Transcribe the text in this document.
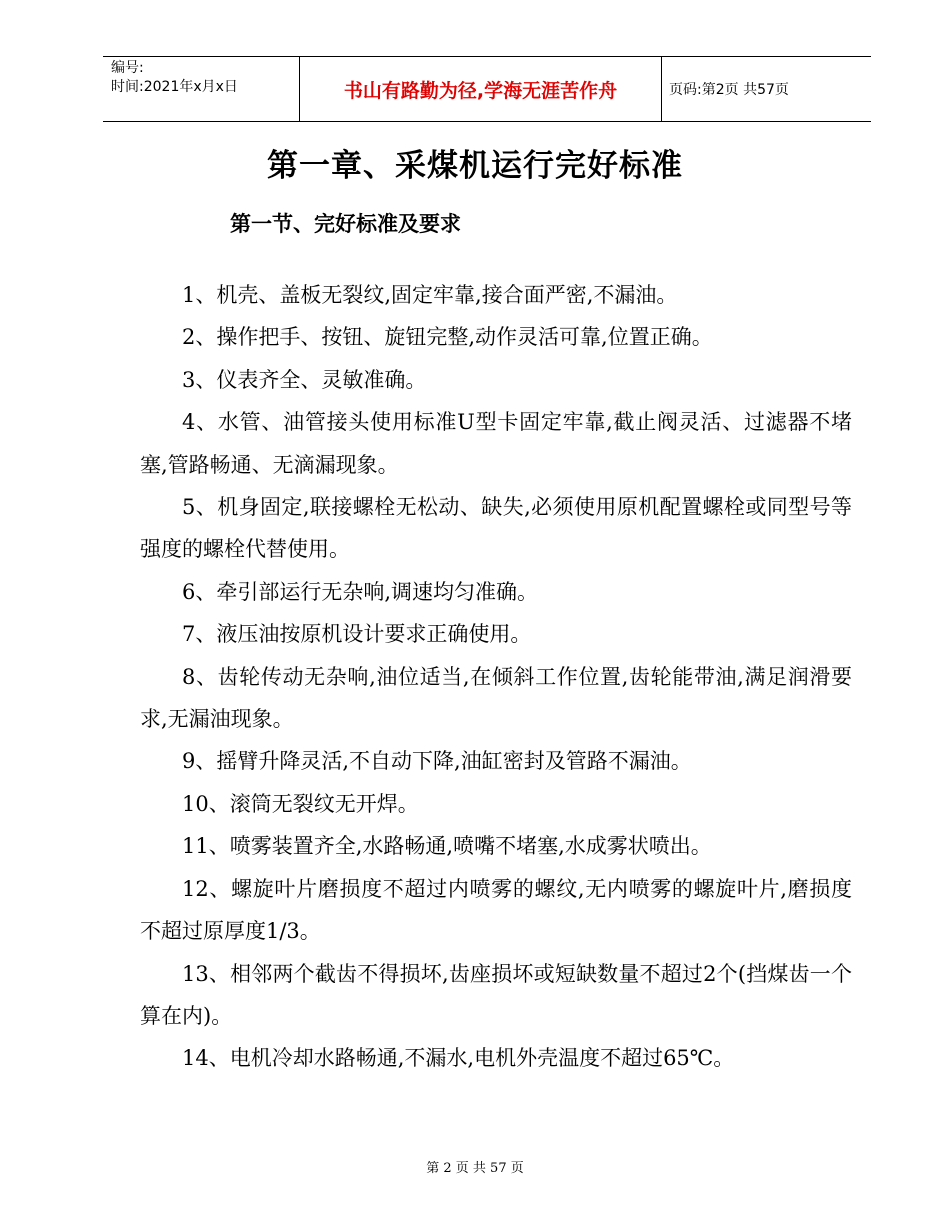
编号:
时间:2021年x月x日	书山有路勤为径,学海无涯苦作舟	页码:第2页 共57页
第一章、采煤机运行完好标准
第一节、完好标准及要求

1、机壳、盖板无裂纹,固定牢靠,接合面严密,不漏油。

2、操作把手、按钮、旋钮完整,动作灵活可靠,位置正确。

3、仪表齐全、灵敏准确。

4、水管、油管接头使用标准U型卡固定牢靠,截止阀灵活、过滤器不堵塞,管路畅通、无滴漏现象。

5、机身固定,联接螺栓无松动、缺失,必须使用原机配置螺栓或同型号等强度的螺栓代替使用。

6、牵引部运行无杂响,调速均匀准确。

7、液压油按原机设计要求正确使用。

8、齿轮传动无杂响,油位适当,在倾斜工作位置,齿轮能带油,满足润滑要求,无漏油现象。

9、摇臂升降灵活,不自动下降,油缸密封及管路不漏油。

10、滚筒无裂纹无开焊。

11、喷雾装置齐全,水路畅通,喷嘴不堵塞,水成雾状喷出。

12、螺旋叶片磨损度不超过内喷雾的螺纹,无内喷雾的螺旋叶片,磨损度不超过原厚度1/3。

13、相邻两个截齿不得损坏,齿座损坏或短缺数量不超过2个(挡煤齿一个算在内)。

14、电机冷却水路畅通,不漏水,电机外壳温度不超过65℃。

第 2 页 共 57 页
